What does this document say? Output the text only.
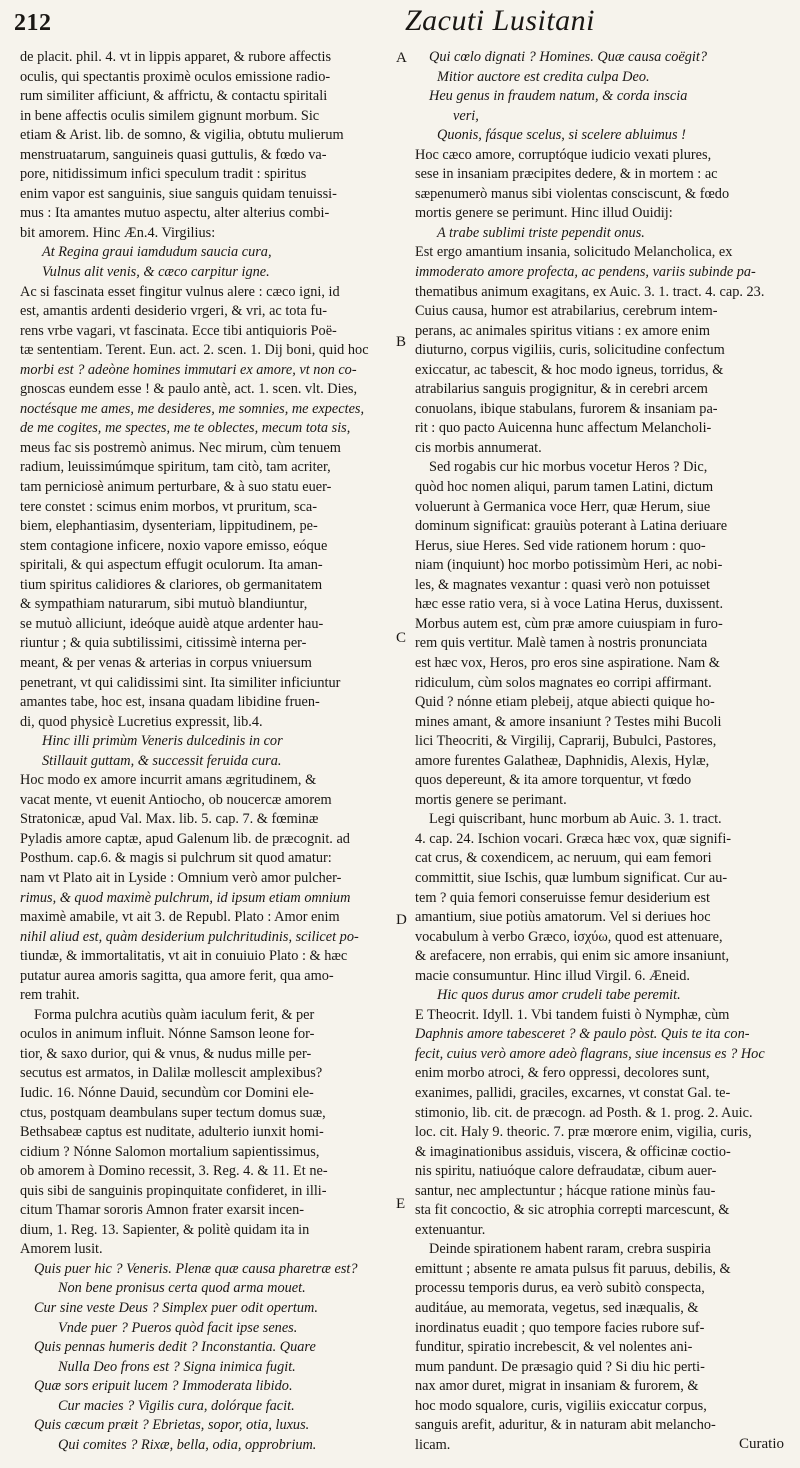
212	Zacuti Lusitani
de placit. phil. 4. vt in lippis apparet, & rubore affectis
oculis, qui spectantis proximè oculos emissione radio-
rum similiter afficiunt, & affrictu, & contactu spiritali
in bene affectis oculis similem gignunt morbum. Sic
etiam & Arist. lib. de somno, & vigilia, obtutu mulierum
menstruatarum, sanguineis quasi guttulis, & fœdo va-
pore, nitidissimum infici speculum tradit : spiritus
enim vapor est sanguinis, siue sanguis quidam tenuissi-
mus : Ita amantes mutuo aspectu, alter alterius combi-
bit amorem. Hinc Æn.4. Virgilius:
At Regina graui iamdudum saucia cura,
Vulnus alit venis, & cæco carpitur igne.
Ac si fascinata esset fingitur vulnus alere : cæco igni, id
est, amantis ardenti desiderio vrgeri, & vri, ac tota fu-
rens vrbe vagari, vt fascinata. Ecce tibi antiquioris Poë-
tæ sententiam. Terent. Eun. act. 2. scen. 1. Dij boni, quid hoc
morbi est ? adeòne homines immutari ex amore, vt non co-
gnoscas eundem esse ! & paulo antè, act. 1. scen. vlt. Dies,
noctésque me ames, me desideres, me somnies, me expectes,
de me cogites, me spectes, me te oblectes, mecum tota sis,
meus fac sis postremò animus. Nec mirum, cùm tenuem
radium, leuissimúmque spiritum, tam citò, tam acriter,
tam perniciosè animum perturbare, & à suo statu euer-
tere constet : scimus enim morbos, vt pruritum, sca-
biem, elephantiasim, dysenteriam, lippitudinem, pe-
stem contagione inficere, noxio vapore emisso, eóque
spiritali, & qui aspectum effugit oculorum. Ita aman-
tium spiritus calidiores & clariores, ob germanitatem
& sympathiam naturarum, sibi mutuò blandiuntur,
se mutuò alliciunt, ideóque auidè atque ardenter hau-
riuntur ; & quia subtilissimi, citissimè interna per-
meant, & per venas & arterias in corpus vniuersum
penetrant, vt qui calidissimi sint. Ita similiter inficiuntur
amantes tabe, hoc est, insana quadam libidine fruen-
di, quod physicè Lucretius expressit, lib.4.
Hinc illi primùm Veneris dulcedinis in cor
Stillauit guttam, & successit feruida cura.
Hoc modo ex amore incurrit amans ægritudinem, &
vacat mente, vt euenit Antiocho, ob noucercæ amorem
Stratonicæ, apud Val. Max. lib. 5. cap. 7. & fœminæ
Pyladis amore captæ, apud Galenum lib. de præcognit. ad
Posthum. cap.6. & magis si pulchrum sit quod amatur:
nam vt Plato ait in Lyside : Omnium verò amor pulcher-
rimus, & quod maximè pulchrum, id ipsum etiam omnium
maximè amabile, vt ait 3. de Republ. Plato : Amor enim
nihil aliud est, quàm desiderium pulchritudinis, scilicet po-
tiundæ, & immortalitatis, vt ait in conuiuio Plato : & hæc
putatur aurea amoris sagitta, qua amore ferit, qua amo-
rem trahit.
Forma pulchra acutiùs quàm iaculum ferit, & per
oculos in animum influit. Nónne Samson leone for-
tior, & saxo durior, qui & vnus, & nudus mille per-
secutus est armatos, in Dalilæ mollescit amplexibus?
Iudic. 16. Nónne Dauid, secundùm cor Domini ele-
ctus, postquam deambulans super tectum domus suæ,
Bethsabeæ captus est nuditate, adulterio iunxit homi-
cidium ? Nónne Salomon mortalium sapientissimus,
ob amorem à Domino recessit, 3. Reg. 4. & 11. Et ne-
quis sibi de sanguinis propinquitate confideret, in illi-
citum Thamar sororis Amnon frater exarsit incen-
dium, 1. Reg. 13. Sapienter, & politè quidam ita in
Amorem lusit.
Quis puer hic ? Veneris. Plenæ quæ causa pharetræ est?
Non bene pronisus certa quod arma mouet.
Cur sine veste Deus ? Simplex puer odit opertum.
Vnde puer ? Pueros quòd facit ipse senes.
Quis pennas humeris dedit ? Inconstantia. Quare
Nulla Deo frons est ? Signa inimica fugit.
Quæ sors eripuit lucem ? Immoderata libido.
Cur macies ? Vigilis cura, dolórque facit.
Quis cæcum præit ? Ebrietas, sopor, otia, luxus.
Qui comites ? Rixæ, bella, odia, opprobrium.
Qui cœlo dignati ? Homines. Quæ causa coëgit?
Mitior auctore est credita culpa Deo.
Heu genus in fraudem natum, & corda inscia
veri,
Quonis, fásque scelus, si scelere abluimus !
Hoc cæco amore, corruptóque iudicio vexati plures,
sese in insaniam præcipites dedere, & in mortem : ac
sæpenumerò manus sibi violentas consciscunt, & fœdo
mortis genere se perimunt. Hinc illud Ouidij:
A trabe sublimi triste pependit onus.
Est ergo amantium insania, solicitudo Melancholica, ex
immoderato amore profecta, ac pendens, variis subinde pa-
thematibus animum exagitans, ex Auic. 3. 1. tract. 4. cap. 23.
Cuius causa, humor est atrabilarius, cerebrum intem-
perans, ac animales spiritus vitians : ex amore enim
diuturno, corpus vigiliis, curis, solicitudine confectum
exiccatur, ac tabescit, & hoc modo igneus, torridus, &
atrabilarius sanguis progignitur, & in cerebri arcem
conuolans, ibique stabulans, furorem & insaniam pa-
rit : quo pacto Auicenna hunc affectum Melancholi-
cis morbis annumerat.
Sed rogabis cur hic morbus vocetur Heros ? Dic,
quòd hoc nomen aliqui, parum tamen Latini, dictum
voluerunt à Germanica voce Herr, quæ Herum, siue
dominum significat: grauiùs poterant à Latina deriuare
Herus, siue Heres. Sed vide rationem horum : quo-
niam (inquiunt) hoc morbo potissimùm Heri, ac nobi-
les, & magnates vexantur : quasi verò non potuisset
hæc esse ratio vera, si à voce Latina Herus, duxissent.
Morbus autem est, cùm præ amore cuiuspiam in furo-
rem quis vertitur. Malè tamen à nostris pronunciata
est hæc vox, Heros, pro eros sine aspiratione. Nam &
ridiculum, cùm solos magnates eo corripi affirmant.
Quid ? nónne etiam plebeij, atque abiecti quique ho-
mines amant, & amore insaniunt ? Testes mihi Bucoli
lici Theocriti, & Virgilij, Caprarij, Bubulci, Pastores,
amore furentes Galatheæ, Daphnidis, Alexis, Hylæ,
quos depereunt, & ita amore torquentur, vt fœdo
mortis genere se perimant.
Legi quiscribant, hunc morbum ab Auic. 3. 1. tract.
4. cap. 24. Ischion vocari. Græca hæc vox, quæ signifi-
cat crus, & coxendicem, ac neruum, qui eam femori
committit, siue Ischis, quæ lumbum significat. Cur au-
tem ? quia femori conseruisse femur desiderium est
amantium, siue potiùs amatorum. Vel si deriues hoc
vocabulum à verbo Græco, ἰσχύω, quod est attenuare,
& arefacere, non errabis, qui enim sic amore insaniunt,
macie consumuntur. Hinc illud Virgil. 6. Æneid.
Hic quos durus amor crudeli tabe peremit.
E Theocrit. Idyll. 1. Vbi tandem fuisti ò Nymphæ, cùm
Daphnis amore tabesceret ? & paulo pòst. Quis te ita con-
fecit, cuius verò amore adeò flagrans, siue incensus es ? Hoc
enim morbo atroci, & fero oppressi, decolores sunt,
exanimes, pallidi, graciles, excarnes, vt constat Gal. te-
stimonio, lib. cit. de præcogn. ad Posth. & 1. prog. 2. Auic.
loc. cit. Haly 9. theoric. 7. præ mœrore enim, vigilia, curis,
& imaginationibus assiduis, viscera, & officinæ coctio-
nis spiritu, natiuóque calore defraudatæ, cibum auer-
santur, nec amplectuntur ; hácque ratione minùs fau-
sta fit concoctio, & sic atrophia correpti marcescunt, &
extenuantur.
Deinde spirationem habent raram, crebra suspiria
emittunt ; absente re amata pulsus fit paruus, debilis, &
processu temporis durus, ea verò subitò conspecta,
auditáue, au memorata, vegetus, sed inæqualis, &
inordinatus euadit ; quo tempore facies rubore suf-
funditur, spiratio increbescit, & vel nolentes ani-
mum pandunt. De præsagio quid ? Si diu hic perti-
nax amor duret, migrat in insaniam & furorem, &
hoc modo squalore, curis, vigiliis exiccatur corpus,
sanguis arefit, aduritur, & in naturam abit melancho-
licam.
A
B
C
D
E
Curatio
